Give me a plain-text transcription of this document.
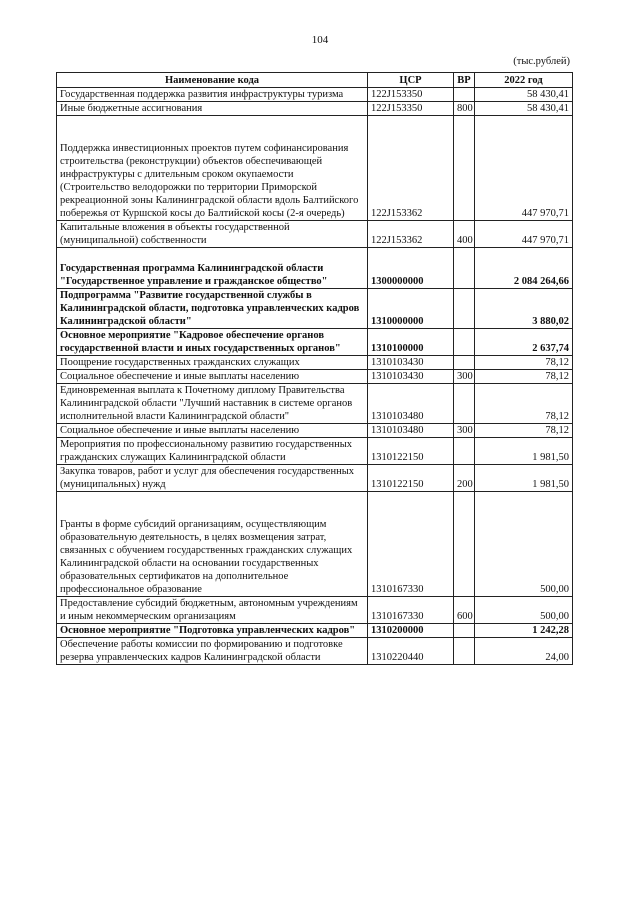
104
(тыс.рублей)
Наименование кода	ЦСР	ВР	2022 год
Государственная поддержка развития инфраструктуры туризма	122J153350		58 430,41
Иные бюджетные ассигнования	122J153350	800	58 430,41
Поддержка инвестиционных проектов путем софинансирования строительства (реконструкции) объектов обеспечивающей инфраструктуры с длительным сроком окупаемости (Строительство велодорожки по территории Приморской рекреационной зоны Калининградской области вдоль Балтийского побережья от Куршской косы до Балтийской косы (2-я очередь)	122J153362		447 970,71
Капитальные вложения в объекты государственной (муниципальной) собственности	122J153362	400	447 970,71
Государственная программа Калининградской области "Государственное управление и гражданское общество"	1300000000		2 084 264,66
Подпрограмма "Развитие государственной службы в Калининградской области, подготовка управленческих кадров Калининградской области"	1310000000		3 880,02
Основное мероприятие "Кадровое обеспечение органов государственной власти и иных государственных органов"	1310100000		2 637,74
Поощрение государственных гражданских служащих	1310103430		78,12
Социальное обеспечение и иные выплаты населению	1310103430	300	78,12
Единовременная выплата к Почетному диплому Правительства Калининградской области "Лучший наставник в системе органов исполнительной власти Калининградской области"	1310103480		78,12
Социальное обеспечение и иные выплаты населению	1310103480	300	78,12
Мероприятия по профессиональному развитию государственных гражданских служащих Калининградской области	1310122150		1 981,50
Закупка товаров, работ и услуг для обеспечения государственных (муниципальных) нужд	1310122150	200	1 981,50
Гранты в форме субсидий организациям, осуществляющим образовательную деятельность, в целях возмещения затрат, связанных с обучением государственных гражданских служащих Калининградской области на основании государственных образовательных сертификатов на дополнительное профессиональное образование	1310167330		500,00
Предоставление субсидий бюджетным, автономным учреждениям и иным некоммерческим организациям	1310167330	600	500,00
Основное мероприятие "Подготовка управленческих кадров"	1310200000		1 242,28
Обеспечение работы комиссии по формированию и подготовке резерва управленческих кадров Калининградской области	1310220440		24,00
